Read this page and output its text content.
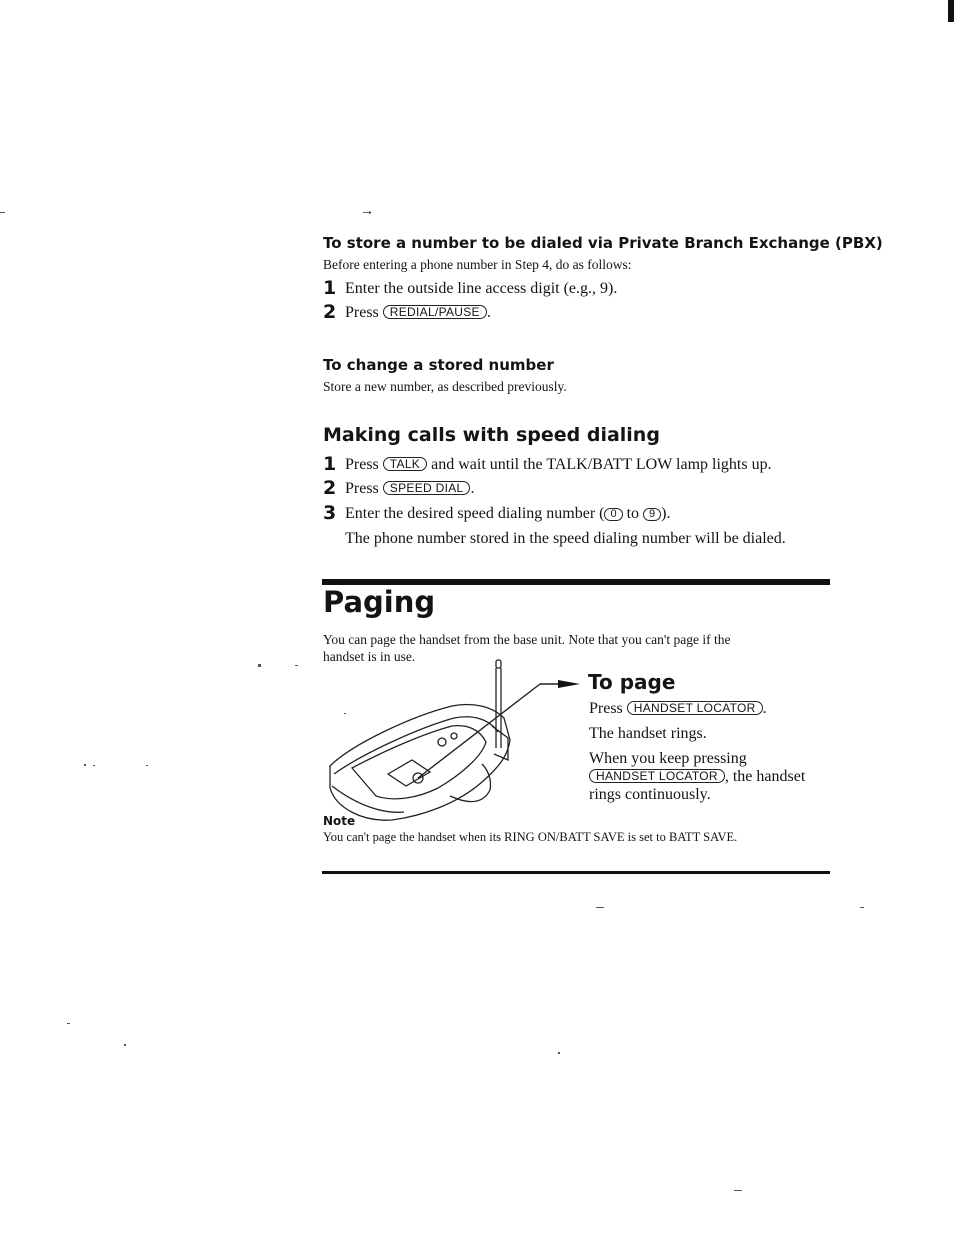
→
To store a number to be dialed via Private Branch Exchange (PBX)
Before entering a phone number in Step 4, do as follows:
1 Enter the outside line access digit (e.g., 9).
2 Press REDIAL/PAUSE .
To change a stored number
Store a new number, as described previously.
Making calls with speed dialing
1 Press TALK and wait until the TALK/BATT LOW lamp lights up.
2 Press SPEED DIAL .
3 Enter the desired speed dialing number ( 0 to 9 ).
The phone number stored in the speed dialing number will be dialed.
Paging
You can page the handset from the base unit. Note that you can't page if the
handset is in use.
To page
Press HANDSET LOCATOR .
The handset rings.
When you keep pressing
HANDSET LOCATOR , the handset
rings continuously.
Note
You can't page the handset when its RING ON/BATT SAVE is set to BATT SAVE.
